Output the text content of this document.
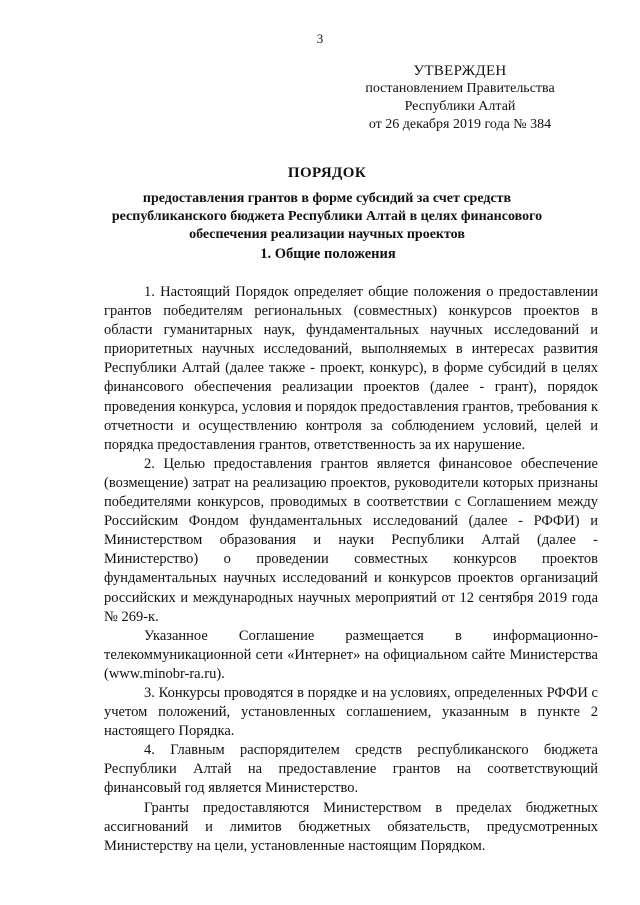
3
УТВЕРЖДЕН
постановлением Правительства
Республики Алтай
от 26 декабря 2019 года № 384
ПОРЯДОК
предоставления грантов в форме субсидий за счет средств
республиканского бюджета Республики Алтай в целях финансового
обеспечения реализации научных проектов
1. Общие положения

1. Настоящий Порядок определяет общие положения о предоставлении грантов победителям региональных (совместных) конкурсов проектов в области гуманитарных наук, фундаментальных научных исследований и приоритетных научных исследований, выполняемых в интересах развития Республики Алтай (далее также - проект, конкурс), в форме субсидий в целях финансового обеспечения реализации проектов (далее - грант), порядок проведения конкурса, условия и порядок предоставления грантов, требования к отчетности и осуществлению контроля за соблюдением условий, целей и порядка предоставления грантов, ответственность за их нарушение.

2. Целью предоставления грантов является финансовое обеспечение (возмещение) затрат на реализацию проектов, руководители которых признаны победителями конкурсов, проводимых в соответствии с Соглашением между Российским Фондом фундаментальных исследований (далее - РФФИ) и Министерством образования и науки Республики Алтай (далее - Министерство) о проведении совместных конкурсов проектов фундаментальных научных исследований и конкурсов проектов организаций российских и международных научных мероприятий от 12 сентября 2019 года № 269-к.

Указанное Соглашение размещается в информационно-телекоммуникационной сети «Интернет» на официальном сайте Министерства (www.minobr-ra.ru).

3. Конкурсы проводятся в порядке и на условиях, определенных РФФИ с учетом положений, установленных соглашением, указанным в пункте 2 настоящего Порядка.

4. Главным распорядителем средств республиканского бюджета Республики Алтай на предоставление грантов на соответствующий финансовый год является Министерство.

Гранты предоставляются Министерством в пределах бюджетных ассигнований и лимитов бюджетных обязательств, предусмотренных Министерству на цели, установленные настоящим Порядком.
